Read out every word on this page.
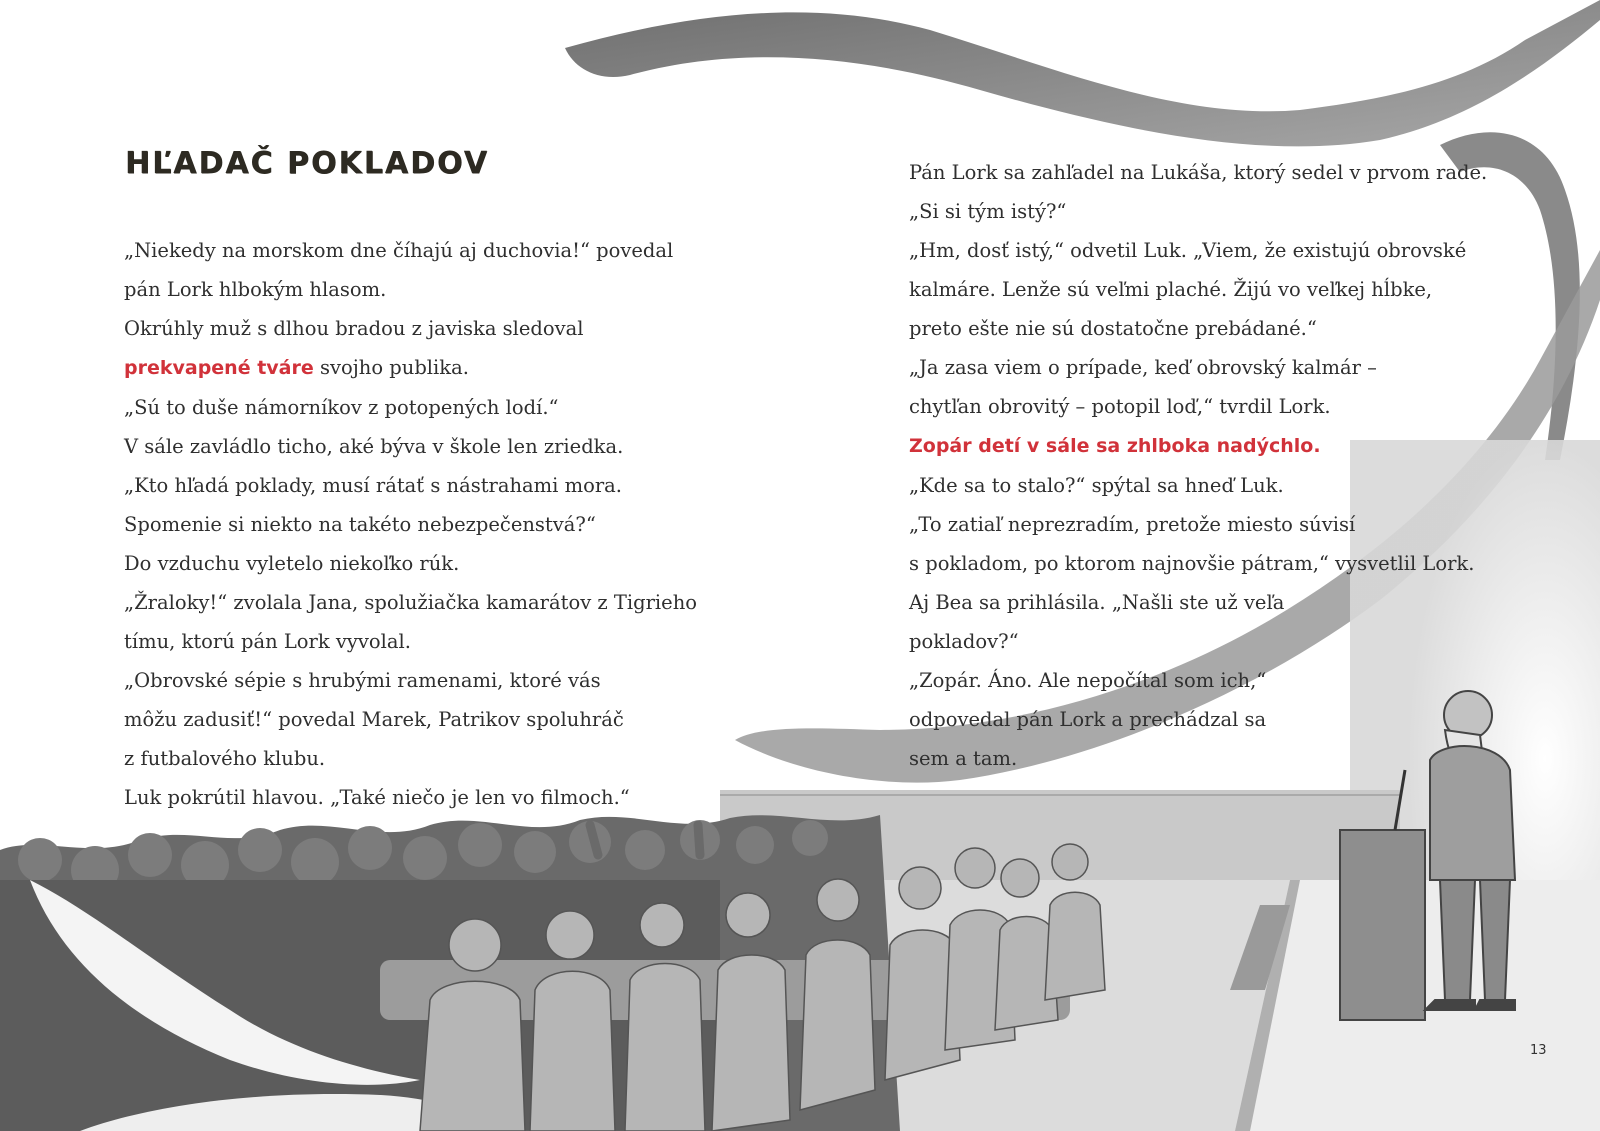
HĽADAČ POKLADOV

„Niekedy na morskom dne číhajú aj duchovia!“ povedal

pán Lork hlbokým hlasom.

Okrúhly muž s dlhou bradou z javiska sledoval

prekvapené tváre svojho publika.

„Sú to duše námorníkov z potopených lodí.“

V sále zavládlo ticho, aké býva v škole len zriedka.

„Kto hľadá poklady, musí rátať s nástrahami mora.

Spomenie si niekto na takéto nebezpečenstvá?“

Do vzduchu vyletelo niekoľko rúk.

„Žraloky!“ zvolala Jana, spolužiačka kamarátov z Tigrieho

tímu, ktorú pán Lork vyvolal.

„Obrovské sépie s hrubými ramenami, ktoré vás

môžu zadusiť!“ povedal Marek, Patrikov spoluhráč

z futbalového klubu.

Luk pokrútil hlavou. „Také niečo je len vo filmoch.“

Pán Lork sa zahľadel na Lukáša, ktorý sedel v prvom rade.

„Si si tým istý?“

„Hm, dosť istý,“ odvetil Luk. „Viem, že existujú obrovské

kalmáre. Lenže sú veľmi plaché. Žijú vo veľkej hĺbke,

preto ešte nie sú dostatočne prebádané.“

„Ja zasa viem o prípade, keď obrovský kalmár –

chytľan obrovitý – potopil loď,“ tvrdil Lork.

Zopár detí v sále sa zhlboka nadýchlo.

„Kde sa to stalo?“ spýtal sa hneď Luk.

„To zatiaľ neprezradím, pretože miesto súvisí

s pokladom, po ktorom najnovšie pátram,“ vysvetlil Lork.

Aj Bea sa prihlásila. „Našli ste už veľa

pokladov?“

„Zopár. Áno. Ale nepočítal som ich,“

odpovedal pán Lork a prechádzal sa

sem a tam.

13
